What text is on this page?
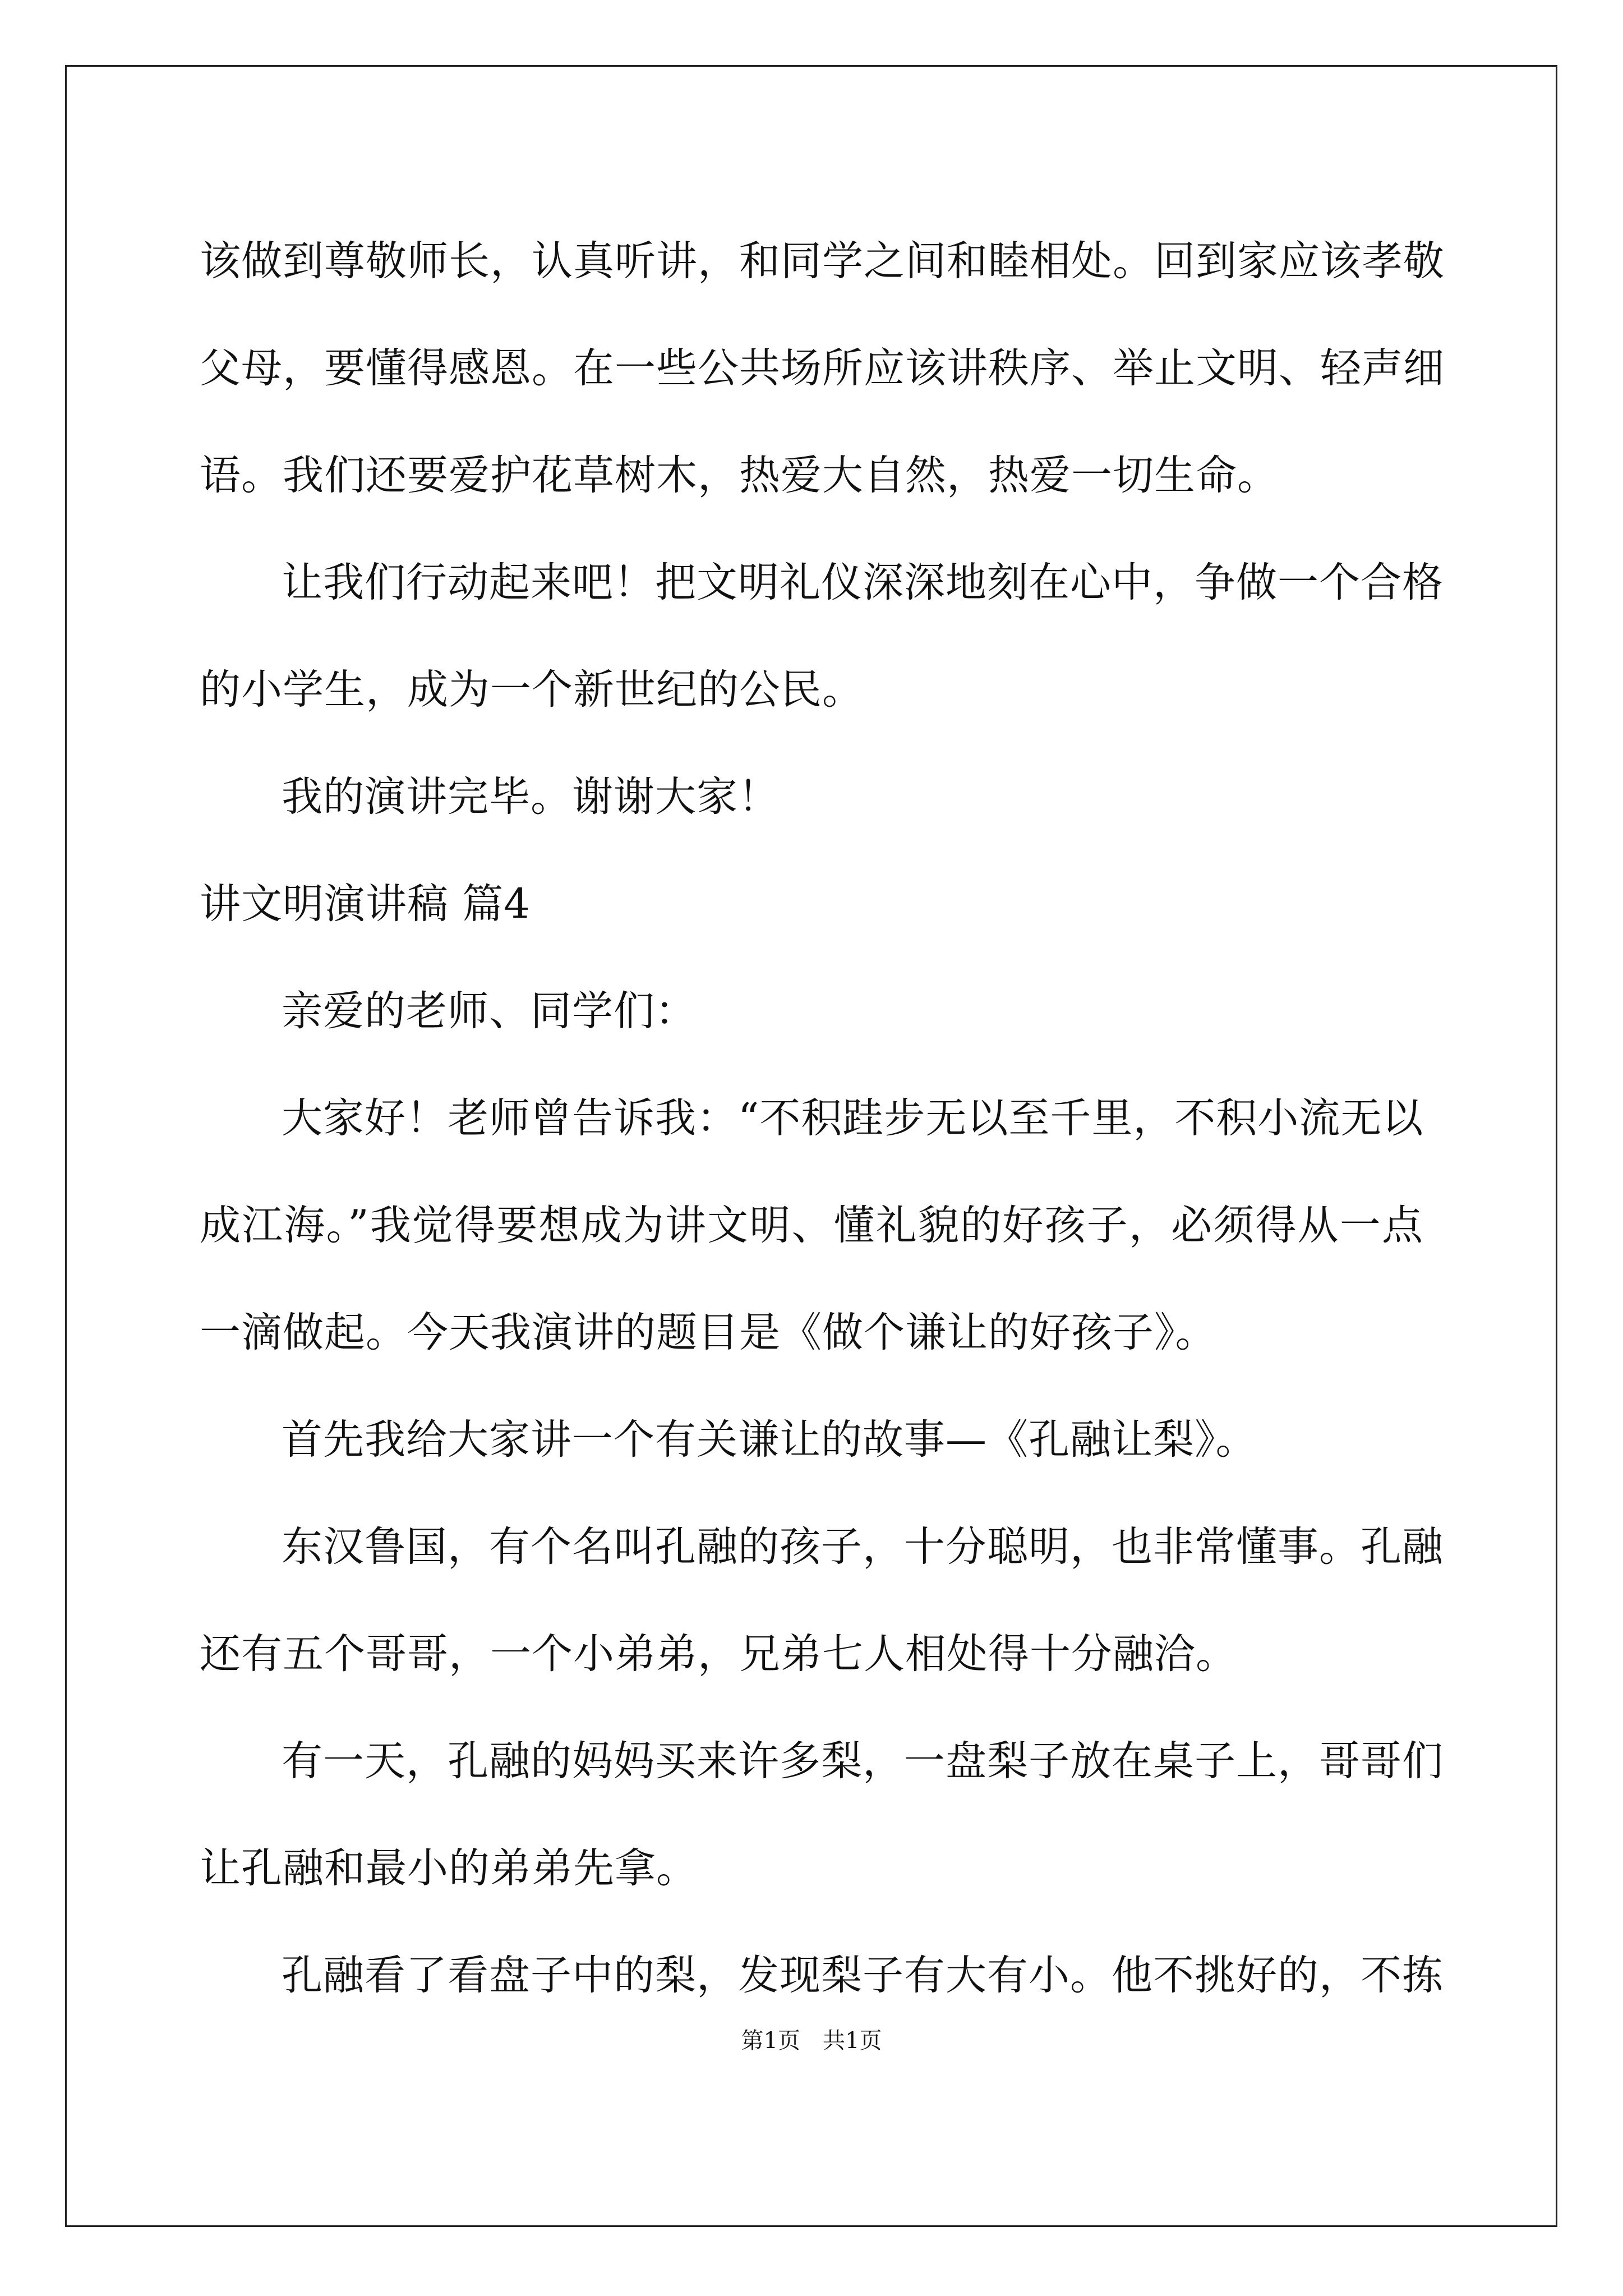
该做到尊敬师长，认真听讲，和同学之间和睦相处。回到家应该孝敬
父母，要懂得感恩。在一些公共场所应该讲秩序、举止文明、轻声细
语。我们还要爱护花草树木，热爱大自然，热爱一切生命。
让我们行动起来吧！把文明礼仪深深地刻在心中，争做一个合格
的小学生，成为一个新世纪的公民。
我的演讲完毕。谢谢大家！
讲文明演讲稿 篇4
亲爱的老师、同学们：
大家好！老师曾告诉我：“不积跬步无以至千里，不积小流无以
成江海。”我觉得要想成为讲文明、懂礼貌的好孩子，必须得从一点
一滴做起。今天我演讲的题目是《做个谦让的好孩子》。
首先我给大家讲一个有关谦让的故事—《孔融让梨》。
东汉鲁国，有个名叫孔融的孩子，十分聪明，也非常懂事。孔融
还有五个哥哥，一个小弟弟，兄弟七人相处得十分融洽。
有一天，孔融的妈妈买来许多梨，一盘梨子放在桌子上，哥哥们
让孔融和最小的弟弟先拿。
孔融看了看盘子中的梨，发现梨子有大有小。他不挑好的，不拣
第1页　共1页
